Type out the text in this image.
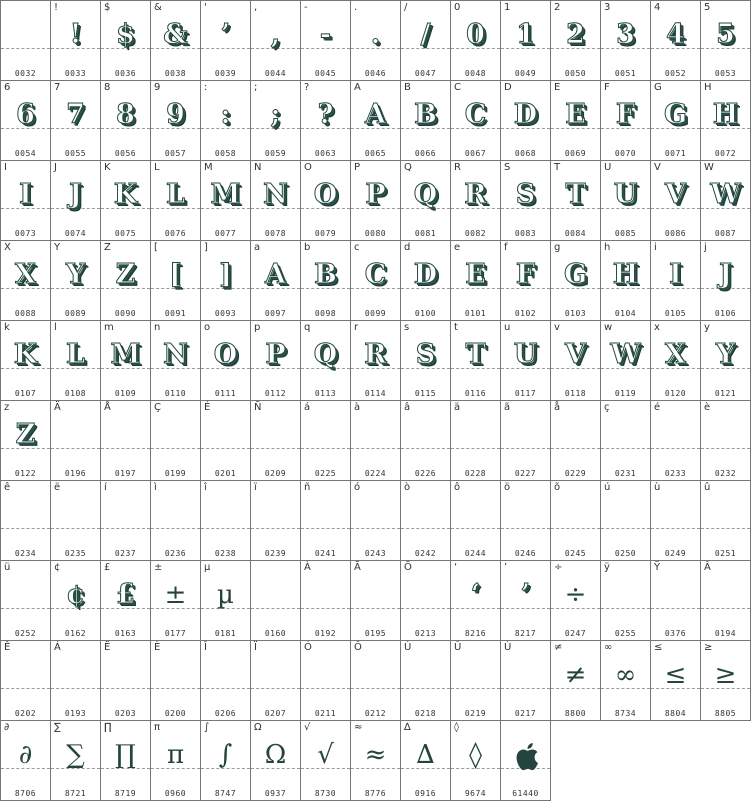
0032
!
!
0033
$
$
0036
&
&
0038
'
’
0039
,
,
0044
-
-
0045
.
.
0046
/
/
0047
0
0
0048
1
1
0049
2
2
0050
3
3
0051
4
4
0052
5
5
0053
6
6
0054
7
7
0055
8
8
0056
9
9
0057
:
:
0058
;
;
0059
?
?
0063
A
A
0065
B
B
0066
C
C
0067
D
D
0068
E
E
0069
F
F
0070
G
G
0071
H
H
0072
I
I
0073
J
J
0074
K
K
0075
L
L
0076
M
M
0077
N
N
0078
O
O
0079
P
P
0080
Q
Q
0081
R
R
0082
S
S
0083
T
T
0084
U
U
0085
V
V
0086
W
W
0087
X
X
0088
Y
Y
0089
Z
Z
0090
[
[
0091
]
]
0093
a
A
0097
b
B
0098
c
C
0099
d
D
0100
e
E
0101
f
F
0102
g
G
0103
h
H
0104
i
I
0105
j
J
0106
k
K
0107
l
L
0108
m
M
0109
n
N
0110
o
O
0111
p
P
0112
q
Q
0113
r
R
0114
s
S
0115
t
T
0116
u
U
0117
v
V
0118
w
W
0119
x
X
0120
y
Y
0121
z
Z
0122
Ä
0196
Å
0197
Ç
0199
É
0201
Ñ
0209
á
0225
à
0224
â
0226
ä
0228
ã
0227
å
0229
ç
0231
é
0233
è
0232
ê
0234
ë
0235
í
0237
ì
0236
î
0238
ï
0239
ñ
0241
ó
0243
ò
0242
ô
0244
ö
0246
õ
0245
ú
0250
ù
0249
û
0251
ü
0252
¢
¢
0162
£
£
0163
±
±
0177
µ
µ
0181	0160
À
0192
Ã
0195
Õ
0213
‘
‘
8216
’
’
8217
÷
÷
0247
ÿ
0255
Ÿ
0376
Â
0194
Ê
0202
Á
0193
Ë
0203
È
0200
Î
0206
Ï
0207
Ó
0211
Ô
0212
Ú
0218
Û
0219
Ù
0217
≠
≠
8800
∞
∞
8734
≤
≤
8804
≥
≥
8805
∂
∂
8706
∑
∑
8721
∏
∏
8719
π
π
0960
∫
∫
8747
Ω
Ω
0937
√
√
8730
≈
≈
8776
∆
∆
0916
◊
◊
9674	61440
